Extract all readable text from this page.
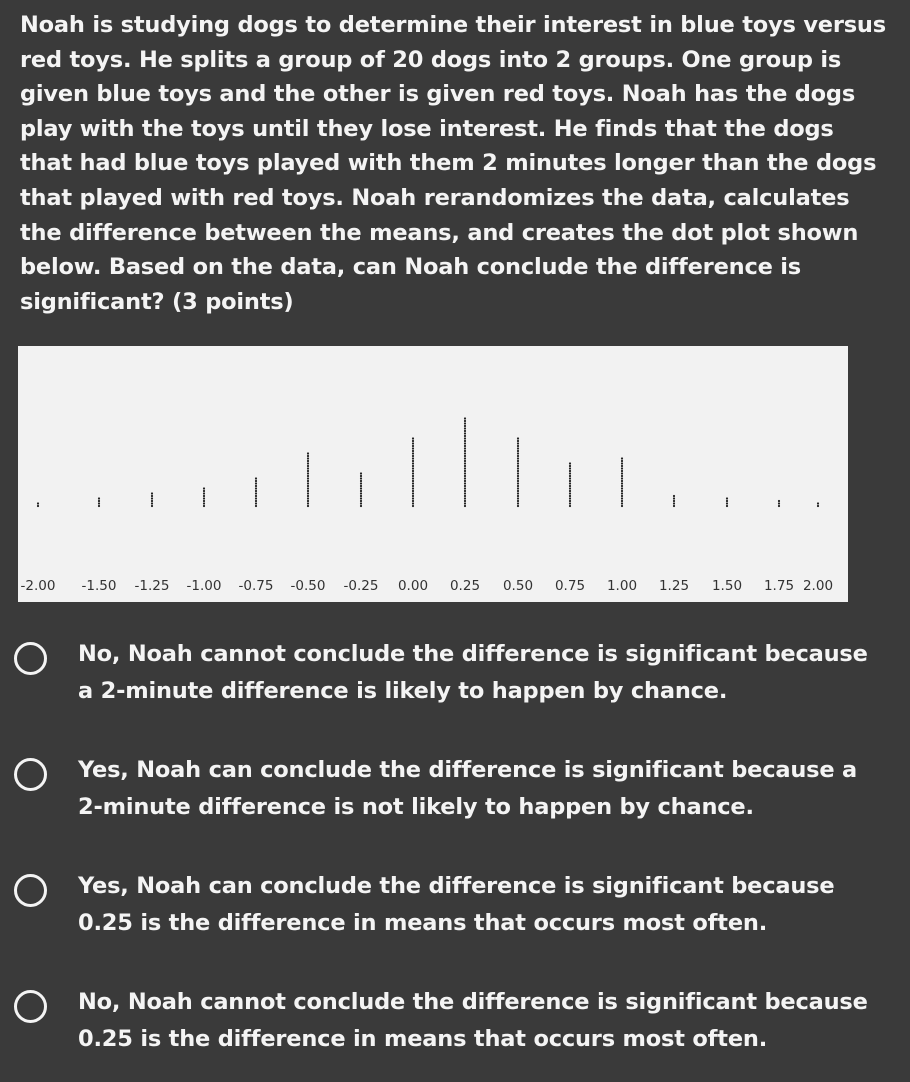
Noah is studying dogs to determine their interest in blue toys versus red toys. He splits a group of 20 dogs into 2 groups. One group is given blue toys and the other is given red toys. Noah has the dogs play with the toys until they lose interest. He finds that the dogs that had blue toys played with them 2 minutes longer than the dogs that played with red toys. Noah rerandomizes the data, calculates the difference between the means, and creates the dot plot shown below. Based on the data, can Noah conclude the difference is significant? (3 points)
-2.00 -1.50 -1.25 -1.00 -0.75 -0.50 -0.25 0.00 0.25 0.50 0.75 1.00 1.25 1.50 1.75 2.00
No, Noah cannot conclude the difference is significant because a 2-minute difference is likely to happen by chance.
Yes, Noah can conclude the difference is significant because a 2-minute difference is not likely to happen by chance.
Yes, Noah can conclude the difference is significant because 0.25 is the difference in means that occurs most often.
No, Noah cannot conclude the difference is significant because 0.25 is the difference in means that occurs most often.
